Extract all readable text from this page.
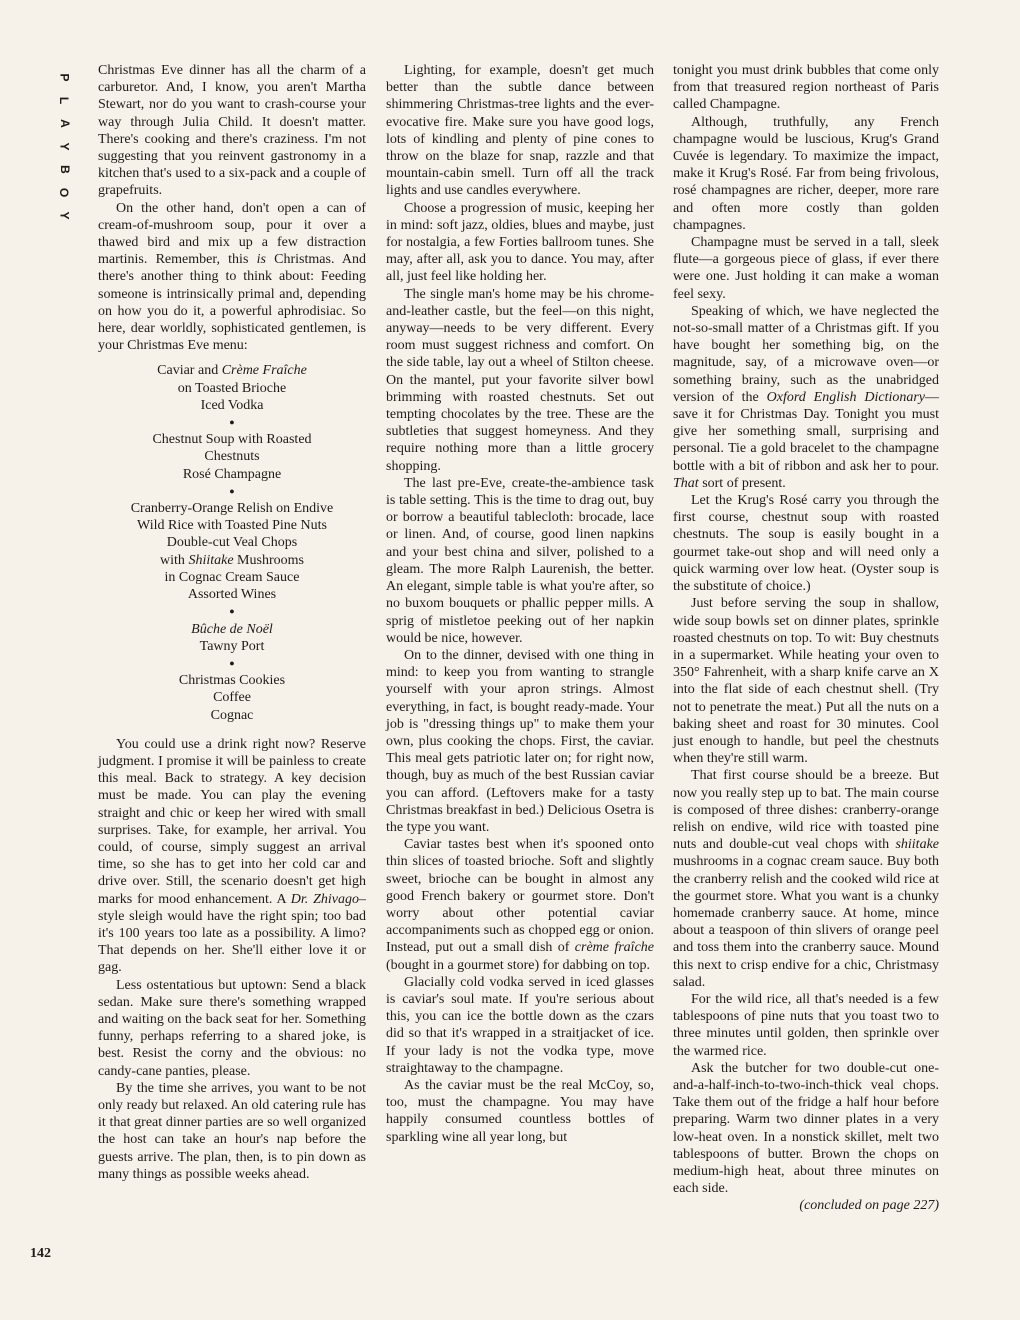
P
L
A
Y
B
O
Y
142

Christmas Eve dinner has all the charm of a carburetor. And, I know, you aren't Martha Stewart, nor do you want to crash-course your way through Julia Child. It doesn't matter. There's cooking and there's craziness. I'm not suggesting that you reinvent gastronomy in a kitchen that's used to a six-pack and a couple of grapefruits.

On the other hand, don't open a can of cream-of-mushroom soup, pour it over a thawed bird and mix up a few distraction martinis. Remember, this is Christmas. And there's another thing to think about: Feeding someone is intrinsically primal and, depending on how you do it, a powerful aphrodisiac. So here, dear worldly, sophisticated gentlemen, is your Christmas Eve menu:

Caviar and Crème Fraîche
on Toasted Brioche
Iced Vodka
●
Chestnut Soup with Roasted
Chestnuts
Rosé Champagne
●
Cranberry-Orange Relish on Endive
Wild Rice with Toasted Pine Nuts
Double-cut Veal Chops
with Shiitake Mushrooms
in Cognac Cream Sauce
Assorted Wines
●
Bûche de Noël
Tawny Port
●
Christmas Cookies
Coffee
Cognac

You could use a drink right now? Reserve judgment. I promise it will be painless to create this meal. Back to strategy. A key decision must be made. You can play the evening straight and chic or keep her wired with small surprises. Take, for example, her arrival. You could, of course, simply suggest an arrival time, so she has to get into her cold car and drive over. Still, the scenario doesn't get high marks for mood enhancement. A Dr. Zhivago–style sleigh would have the right spin; too bad it's 100 years too late as a possibility. A limo? That depends on her. She'll either love it or gag.

Less ostentatious but uptown: Send a black sedan. Make sure there's something wrapped and waiting on the back seat for her. Something funny, perhaps referring to a shared joke, is best. Resist the corny and the obvious: no candy-cane panties, please.

By the time she arrives, you want to be not only ready but relaxed. An old catering rule has it that great dinner parties are so well organized the host can take an hour's nap before the guests arrive. The plan, then, is to pin down as many things as possible weeks ahead.

Lighting, for example, doesn't get much better than the subtle dance between shimmering Christmas-tree lights and the ever-evocative fire. Make sure you have good logs, lots of kindling and plenty of pine cones to throw on the blaze for snap, razzle and that mountain-cabin smell. Turn off all the track lights and use candles everywhere.

Choose a progression of music, keeping her in mind: soft jazz, oldies, blues and maybe, just for nostalgia, a few Forties ballroom tunes. She may, after all, ask you to dance. You may, after all, just feel like holding her.

The single man's home may be his chrome-and-leather castle, but the feel—on this night, anyway—needs to be very different. Every room must suggest richness and comfort. On the side table, lay out a wheel of Stilton cheese. On the mantel, put your favorite silver bowl brimming with roasted chestnuts. Set out tempting chocolates by the tree. These are the subtleties that suggest homeyness. And they require nothing more than a little grocery shopping.

The last pre-Eve, create-the-ambience task is table setting. This is the time to drag out, buy or borrow a beautiful tablecloth: brocade, lace or linen. And, of course, good linen napkins and your best china and silver, polished to a gleam. The more Ralph Laurenish, the better. An elegant, simple table is what you're after, so no buxom bouquets or phallic pepper mills. A sprig of mistletoe peeking out of her napkin would be nice, however.

On to the dinner, devised with one thing in mind: to keep you from wanting to strangle yourself with your apron strings. Almost everything, in fact, is bought ready-made. Your job is "dressing things up" to make them your own, plus cooking the chops. First, the caviar. This meal gets patriotic later on; for right now, though, buy as much of the best Russian caviar you can afford. (Leftovers make for a tasty Christmas breakfast in bed.) Delicious Osetra is the type you want.

Caviar tastes best when it's spooned onto thin slices of toasted brioche. Soft and slightly sweet, brioche can be bought in almost any good French bakery or gourmet store. Don't worry about other potential caviar accompaniments such as chopped egg or onion. Instead, put out a small dish of crème fraîche (bought in a gourmet store) for dabbing on top.

Glacially cold vodka served in iced glasses is caviar's soul mate. If you're serious about this, you can ice the bottle down as the czars did so that it's wrapped in a straitjacket of ice. If your lady is not the vodka type, move straightaway to the champagne.

As the caviar must be the real McCoy, so, too, must the champagne. You may have happily consumed countless bottles of sparkling wine all year long, but

tonight you must drink bubbles that come only from that treasured region northeast of Paris called Champagne.

Although, truthfully, any French champagne would be luscious, Krug's Grand Cuvée is legendary. To maximize the impact, make it Krug's Rosé. Far from being frivolous, rosé champagnes are richer, deeper, more rare and often more costly than golden champagnes.

Champagne must be served in a tall, sleek flute—a gorgeous piece of glass, if ever there were one. Just holding it can make a woman feel sexy.

Speaking of which, we have neglected the not-so-small matter of a Christmas gift. If you have bought her something big, on the magnitude, say, of a microwave oven—or something brainy, such as the unabridged version of the Oxford English Dictionary—save it for Christmas Day. Tonight you must give her something small, surprising and personal. Tie a gold bracelet to the champagne bottle with a bit of ribbon and ask her to pour. That sort of present.

Let the Krug's Rosé carry you through the first course, chestnut soup with roasted chestnuts. The soup is easily bought in a gourmet take-out shop and will need only a quick warming over low heat. (Oyster soup is the substitute of choice.)

Just before serving the soup in shallow, wide soup bowls set on dinner plates, sprinkle roasted chestnuts on top. To wit: Buy chestnuts in a supermarket. While heating your oven to 350° Fahrenheit, with a sharp knife carve an X into the flat side of each chestnut shell. (Try not to penetrate the meat.) Put all the nuts on a baking sheet and roast for 30 minutes. Cool just enough to handle, but peel the chestnuts when they're still warm.

That first course should be a breeze. But now you really step up to bat. The main course is composed of three dishes: cranberry-orange relish on endive, wild rice with toasted pine nuts and double-cut veal chops with shiitake mushrooms in a cognac cream sauce. Buy both the cranberry relish and the cooked wild rice at the gourmet store. What you want is a chunky homemade cranberry sauce. At home, mince about a teaspoon of thin slivers of orange peel and toss them into the cranberry sauce. Mound this next to crisp endive for a chic, Christmasy salad.

For the wild rice, all that's needed is a few tablespoons of pine nuts that you toast two to three minutes until golden, then sprinkle over the warmed rice.

Ask the butcher for two double-cut one-and-a-half-inch-to-two-inch-thick veal chops. Take them out of the fridge a half hour before preparing. Warm two dinner plates in a very low-heat oven. In a nonstick skillet, melt two tablespoons of butter. Brown the chops on medium-high heat, about three minutes on each side.

(concluded on page 227)
